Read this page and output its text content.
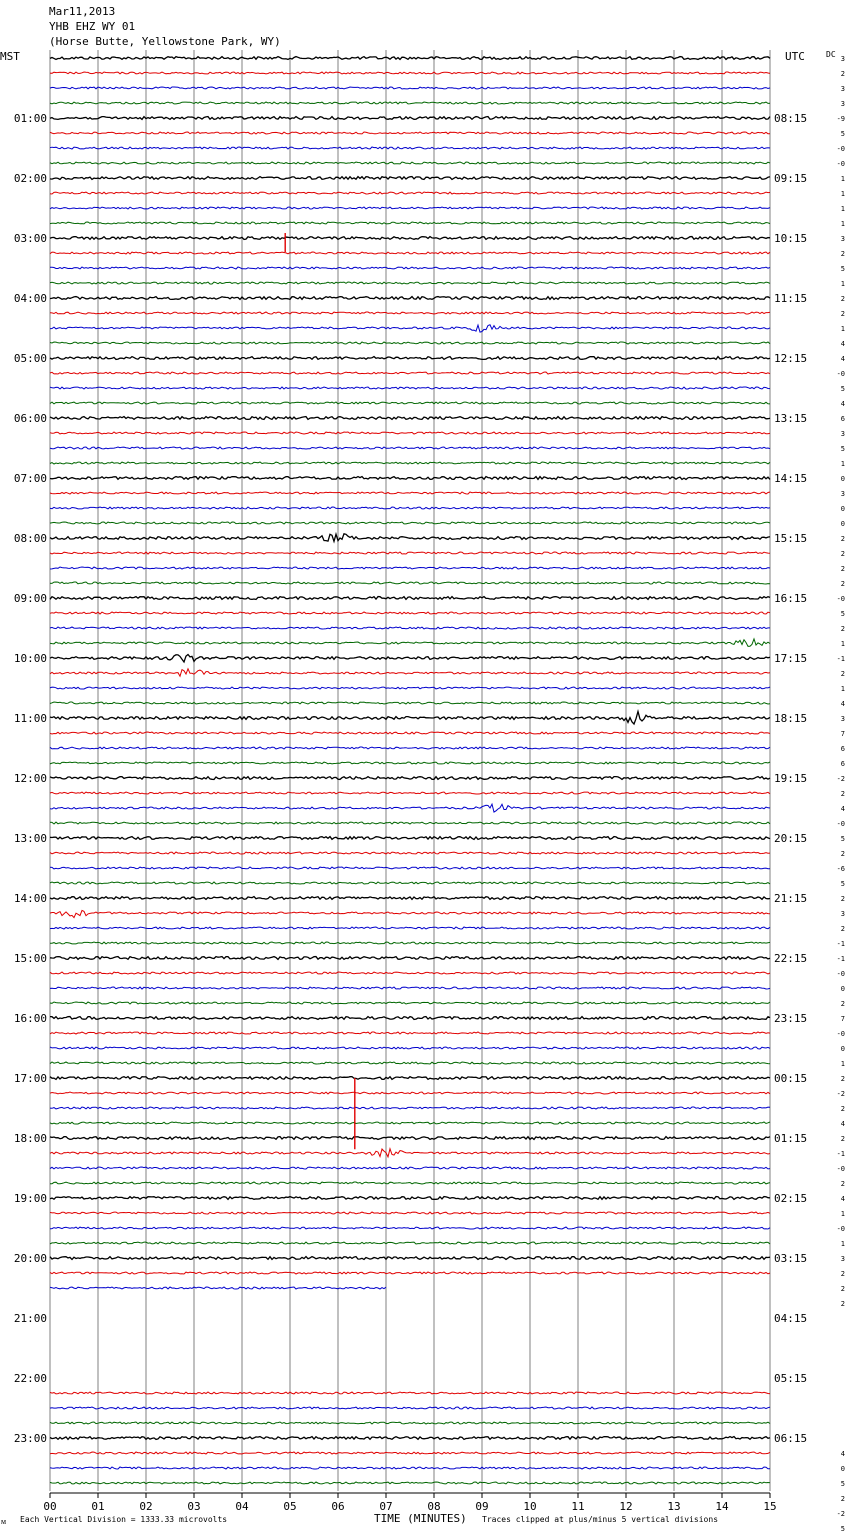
Mar11,2013
YHB EHZ WY 01
(Horse Butte, Yellowstone Park, WY)
MST	UTC	DC
01:00
02:00
03:00
04:00
05:00
06:00
07:00
08:00
09:00
10:00
11:00
12:00
13:00
14:00
15:00
16:00
17:00
18:00
19:00
20:00
21:00
22:00
23:00
08:15
09:15
10:15
11:15
12:15
13:15
14:15
15:15
16:15
17:15
18:15
19:15
20:15
21:15
22:15
23:15
00:15
01:15
02:15
03:15
04:15
05:15
06:15
3
2
3
3
-9
5
-0
-0
1
1
1
1
3
2
5
1
2
2
1
4
4
-0
5
4
6
3
5
1
0
3
0
0
2
2
2
2
-0
5
2
1
-1
2
1
4
3
7
6
6
-2
2
4
-0
5
2
-6
5
2
3
2
-1
-1
-0
0
2
7
-0
0
1
2
-2
2
4
2
-1
-0
2
4
1
-0
1
3
2
2
2
4
0
5
2
-2
5
00	01	02	03	04	05	06	07	08	09	10	11	12	13	14	15
ᴍ Each Vertical Division = 1333.33 microvolts	TIME (MINUTES) Traces clipped at plus/minus 5 vertical divisions
